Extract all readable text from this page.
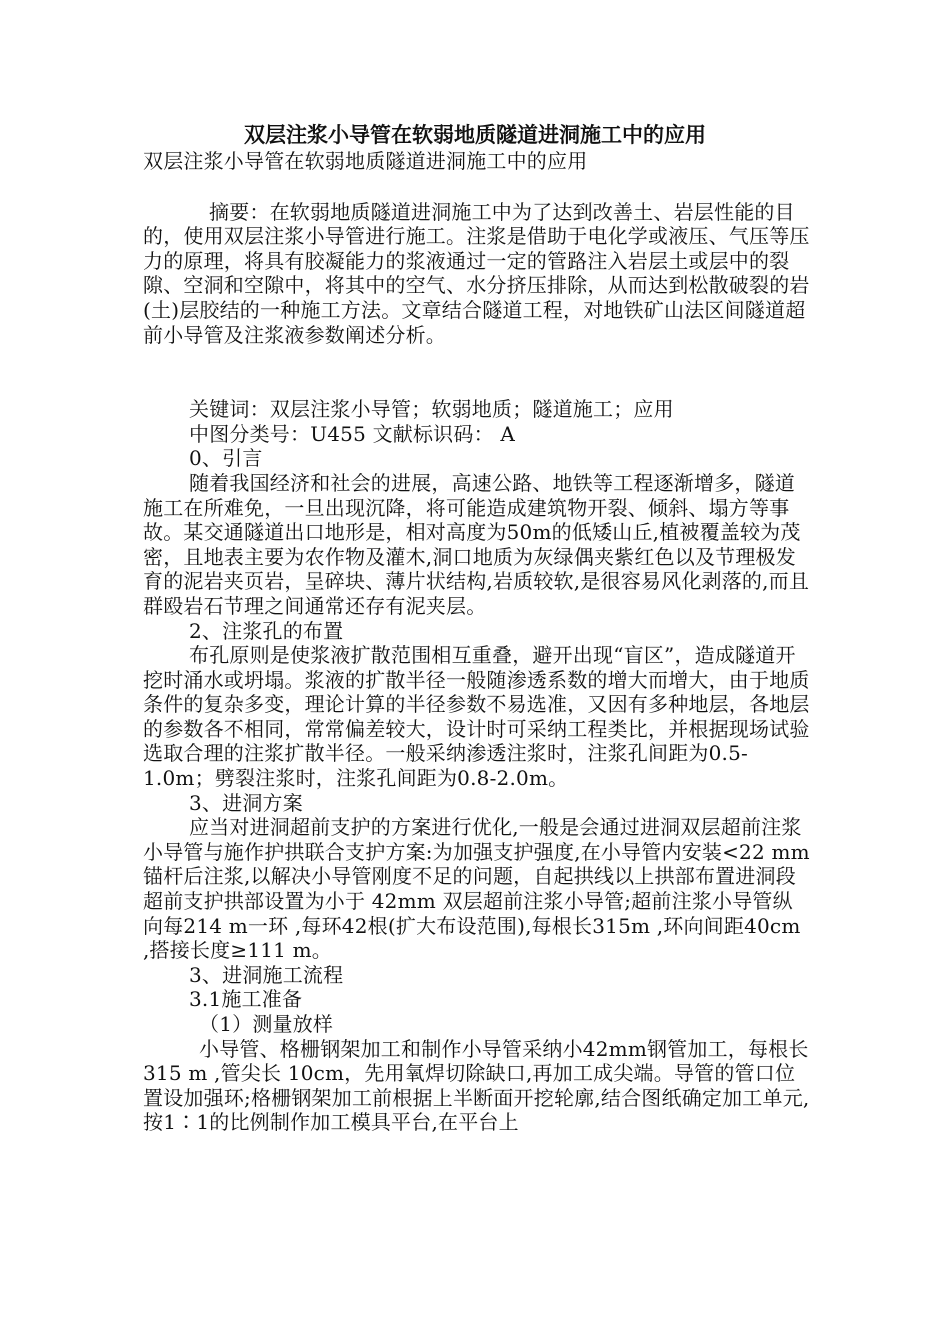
双层注浆小导管在软弱地质隧道进洞施工中的应用

双层注浆小导管在软弱地质隧道进洞施工中的应用

摘要：在软弱地质隧道进洞施工中为了达到改善土、岩层性能的目的，使用双层注浆小导管进行施工。注浆是借助于电化学或液压、气压等压力的原理，将具有胶凝能力的浆液通过一定的管路注入岩层土或层中的裂隙、空洞和空隙中，将其中的空气、水分挤压排除，从而达到松散破裂的岩(土)层胶结的一种施工方法。文章结合隧道工程，对地铁矿山法区间隧道超前小导管及注浆液参数阐述分析。

关键词：双层注浆小导管；软弱地质；隧道施工；应用

中图分类号：U455 文献标识码： A

0、引言

随着我国经济和社会的进展，高速公路、地铁等工程逐渐增多，隧道施工在所难免，一旦出现沉降，将可能造成建筑物开裂、倾斜、塌方等事故。某交通隧道出口地形是，相对高度为50m的低矮山丘,植被覆盖较为茂密，且地表主要为农作物及灌木,洞口地质为灰绿偶夹紫红色以及节理极发育的泥岩夹页岩，呈碎块、薄片状结构,岩质较软,是很容易风化剥落的,而且群殴岩石节理之间通常还存有泥夹层。

2、注浆孔的布置

布孔原则是使浆液扩散范围相互重叠，避开出现“盲区”，造成隧道开挖时涌水或坍塌。浆液的扩散半径一般随渗透系数的增大而增大，由于地质条件的复杂多变，理论计算的半径参数不易选准，又因有多种地层，各地层的参数各不相同，常常偏差较大，设计时可采纳工程类比，并根据现场试验选取合理的注浆扩散半径。一般采纳渗透注浆时，注浆孔间距为0.5-1.0m；劈裂注浆时，注浆孔间距为0.8-2.0m。

3、进洞方案

应当对进洞超前支护的方案进行优化,一般是会通过进洞双层超前注浆小导管与施作护拱联合支护方案:为加强支护强度,在小导管内安装<22 mm锚杆后注浆,以解决小导管刚度不足的问题，自起拱线以上拱部布置进洞段超前支护拱部设置为小于 42mm 双层超前注浆小导管;超前注浆小导管纵向每214 m一环 ,每环42根(扩大布设范围),每根长315m ,环向间距40cm ,搭接长度≥111 m。

3、进洞施工流程

3.1施工准备

（1）测量放样

小导管、格栅钢架加工和制作小导管采纳小42mm钢管加工，每根长 315 m ,管尖长 10cm，先用氧焊切除缺口,再加工成尖端。导管的管口位置设加强环;格栅钢架加工前根据上半断面开挖轮廓,结合图纸确定加工单元,按1∶1的比例制作加工模具平台,在平台上
